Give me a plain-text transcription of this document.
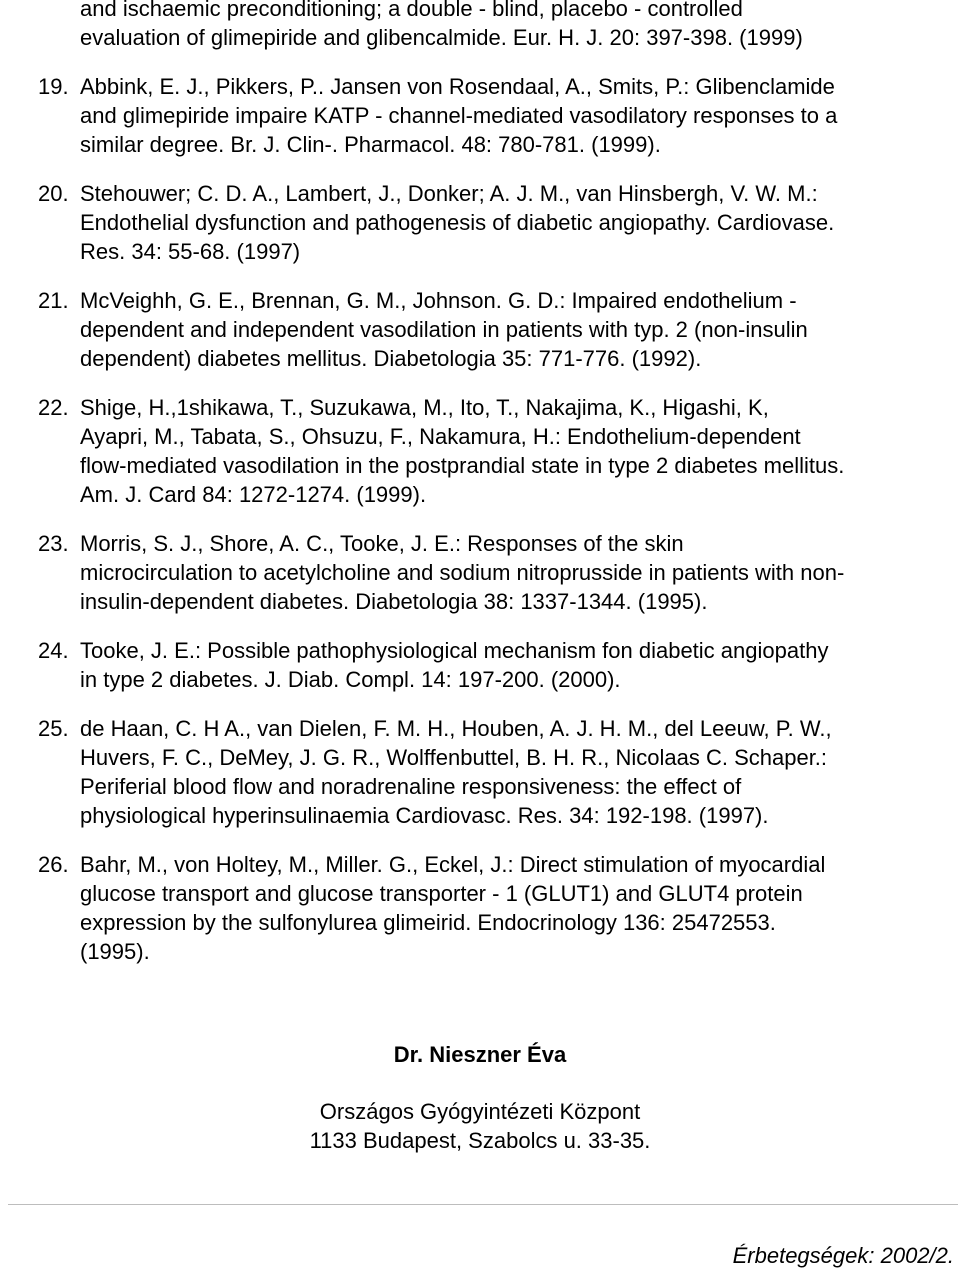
and ischaemic preconditioning; a double - blind, placebo - controlled
evaluation of glimepiride and glibencalmide. Eur. H. J. 20: 397-398. (1999)
19. Abbink, E. J., Pikkers, P.. Jansen von Rosendaal, A., Smits, P.: Glibenclamide
and glimepiride impaire KATP - channel-mediated vasodilatory responses to a
similar degree. Br. J. Clin-. Pharmacol. 48: 780-781. (1999).
20. Stehouwer; C. D. A., Lambert, J., Donker; A. J. M., van Hinsbergh, V. W. M.:
Endothelial dysfunction and pathogenesis of diabetic angiopathy. Cardiovase.
Res. 34: 55-68. (1997)
21. McVeighh, G. E., Brennan, G. M., Johnson. G. D.: Impaired endothelium -
dependent and independent vasodilation in patients with typ. 2 (non-insulin
dependent) diabetes mellitus. Diabetologia 35: 771-776. (1992).
22. Shige, H.,1shikawa, T., Suzukawa, M., Ito, T., Nakajima, K., Higashi, K,
Ayapri, M., Tabata, S., Ohsuzu, F., Nakamura, H.: Endothelium-dependent
flow-mediated vasodilation in the postprandial state in type 2 diabetes mellitus.
Am. J. Card 84: 1272-1274. (1999).
23. Morris, S. J., Shore, A. C., Tooke, J. E.: Responses of the skin
microcirculation to acetylcholine and sodium nitroprusside in patients with non-
insulin-dependent diabetes. Diabetologia 38: 1337-1344. (1995).
24. Tooke, J. E.: Possible pathophysiological mechanism fon diabetic angiopathy
in type 2 diabetes. J. Diab. Compl. 14: 197-200. (2000).
25. de Haan, C. H A., van Dielen, F. M. H., Houben, A. J. H. M., del Leeuw, P. W.,
Huvers, F. C., DeMey, J. G. R., Wolffenbuttel, B. H. R., Nicolaas C. Schaper.:
Periferial blood flow and noradrenaline responsiveness: the effect of
physiological hyperinsulinaemia Cardiovasc. Res. 34: 192-198. (1997).
26. Bahr, M., von Holtey, M., Miller. G., Eckel, J.: Direct stimulation of myocardial
glucose transport and glucose transporter - 1 (GLUT1) and GLUT4 protein
expression by the sulfonylurea glimeirid. Endocrinology 136: 25472553.
(1995).
Dr. Nieszner Éva
Országos Gyógyintézeti Központ
1133 Budapest, Szabolcs u. 33-35.
Érbetegségek: 2002/2.
